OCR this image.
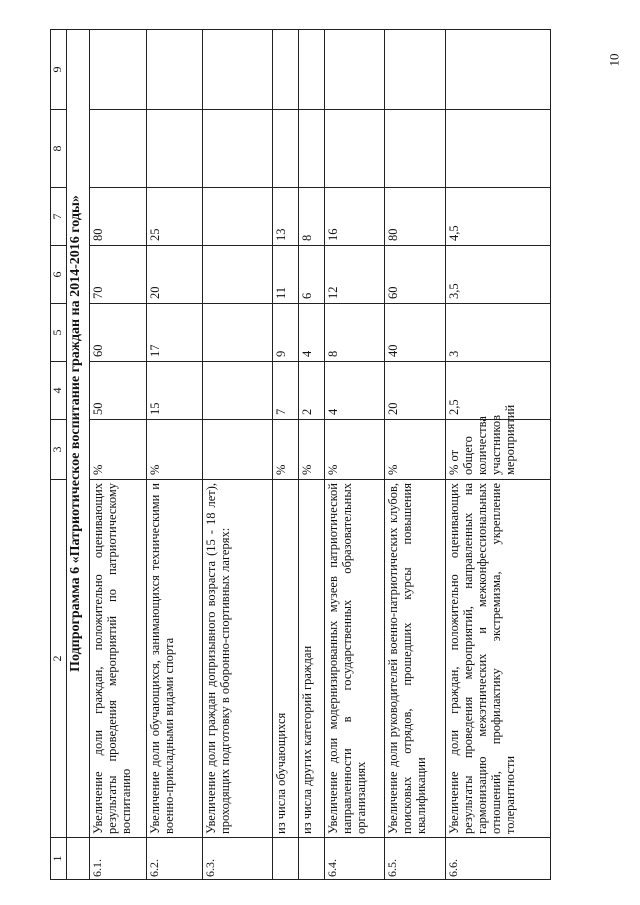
10
1	2	3	4	5	6	7	8	9
	Подпрограмма 6 «Патриотическое воспитание граждан на 2014-2016 годы»							
6.1.	Увеличение доли граждан, положительно оценивающих результаты проведения мероприятий по патриотическому воспитанию	%	50	60	70	80		
6.2.	Увеличение доли обучающихся, занимающихся техническими и военно-прикладными видами спорта	%	15	17	20	25		
6.3.	Увеличение доли граждан допризывного возраста (15 - 18 лет), проходящих подготовку в оборонно-спортивных лагерях:							
	из числа обучающихся	%	7	9	11	13		
	из числа других категорий граждан	%	2	4	6	8		
6.4.	Увеличение доли модернизированных музеев патриотической направленности в государственных образовательных организациях	%	4	8	12	16		
6.5.	Увеличение доли руководителей военно-патриотических клубов, поисковых отрядов, прошедших курсы повышения квалификации	%	20	40	60	80		
6.6.	Увеличение доли граждан, положительно оценивающих результаты проведения мероприятий, направленных на гармонизацию межэтнических и межконфессиональных отношений, профилактику экстремизма, укрепление толерантности	% от общего количества участников мероприятий	2,5	3	3,5	4,5		
